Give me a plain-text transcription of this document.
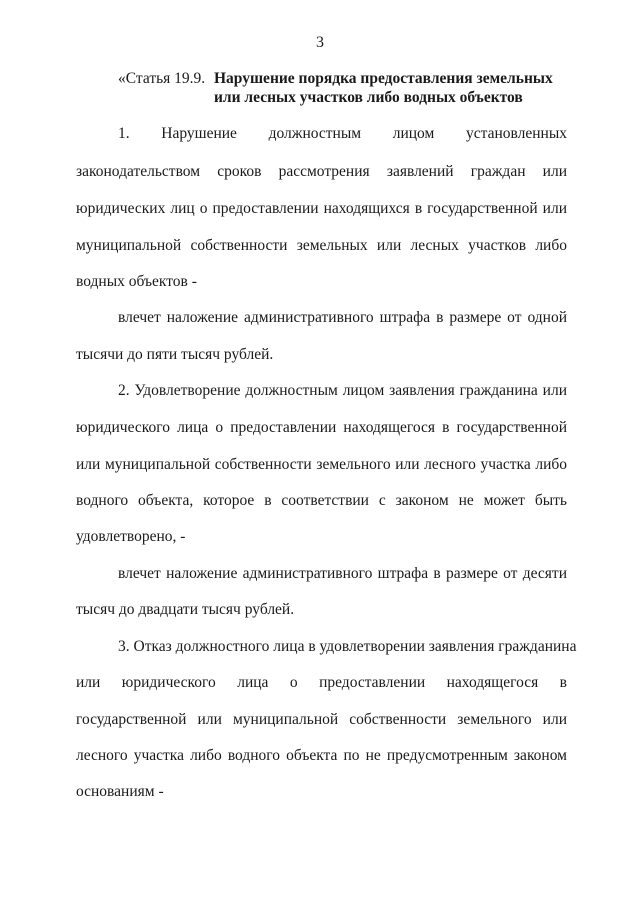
3
«Статья 19.9. Нарушение порядка предоставления земельных
или лесных участков либо водных объектов
1. Нарушение должностным лицом установленных
законодательством сроков рассмотрения заявлений граждан или
юридических лиц о предоставлении находящихся в государственной или
муниципальной собственности земельных или лесных участков либо
водных объектов -
влечет наложение административного штрафа в размере от одной
тысячи до пяти тысяч рублей.
2. Удовлетворение должностным лицом заявления гражданина или
юридического лица о предоставлении находящегося в государственной
или муниципальной собственности земельного или лесного участка либо
водного объекта, которое в соответствии с законом не может быть
удовлетворено, -
влечет наложение административного штрафа в размере от десяти
тысяч до двадцати тысяч рублей.
3. Отказ должностного лица в удовлетворении заявления гражданина
или юридического лица о предоставлении находящегося в
государственной или муниципальной собственности земельного или
лесного участка либо водного объекта по не предусмотренным законом
основаниям -
